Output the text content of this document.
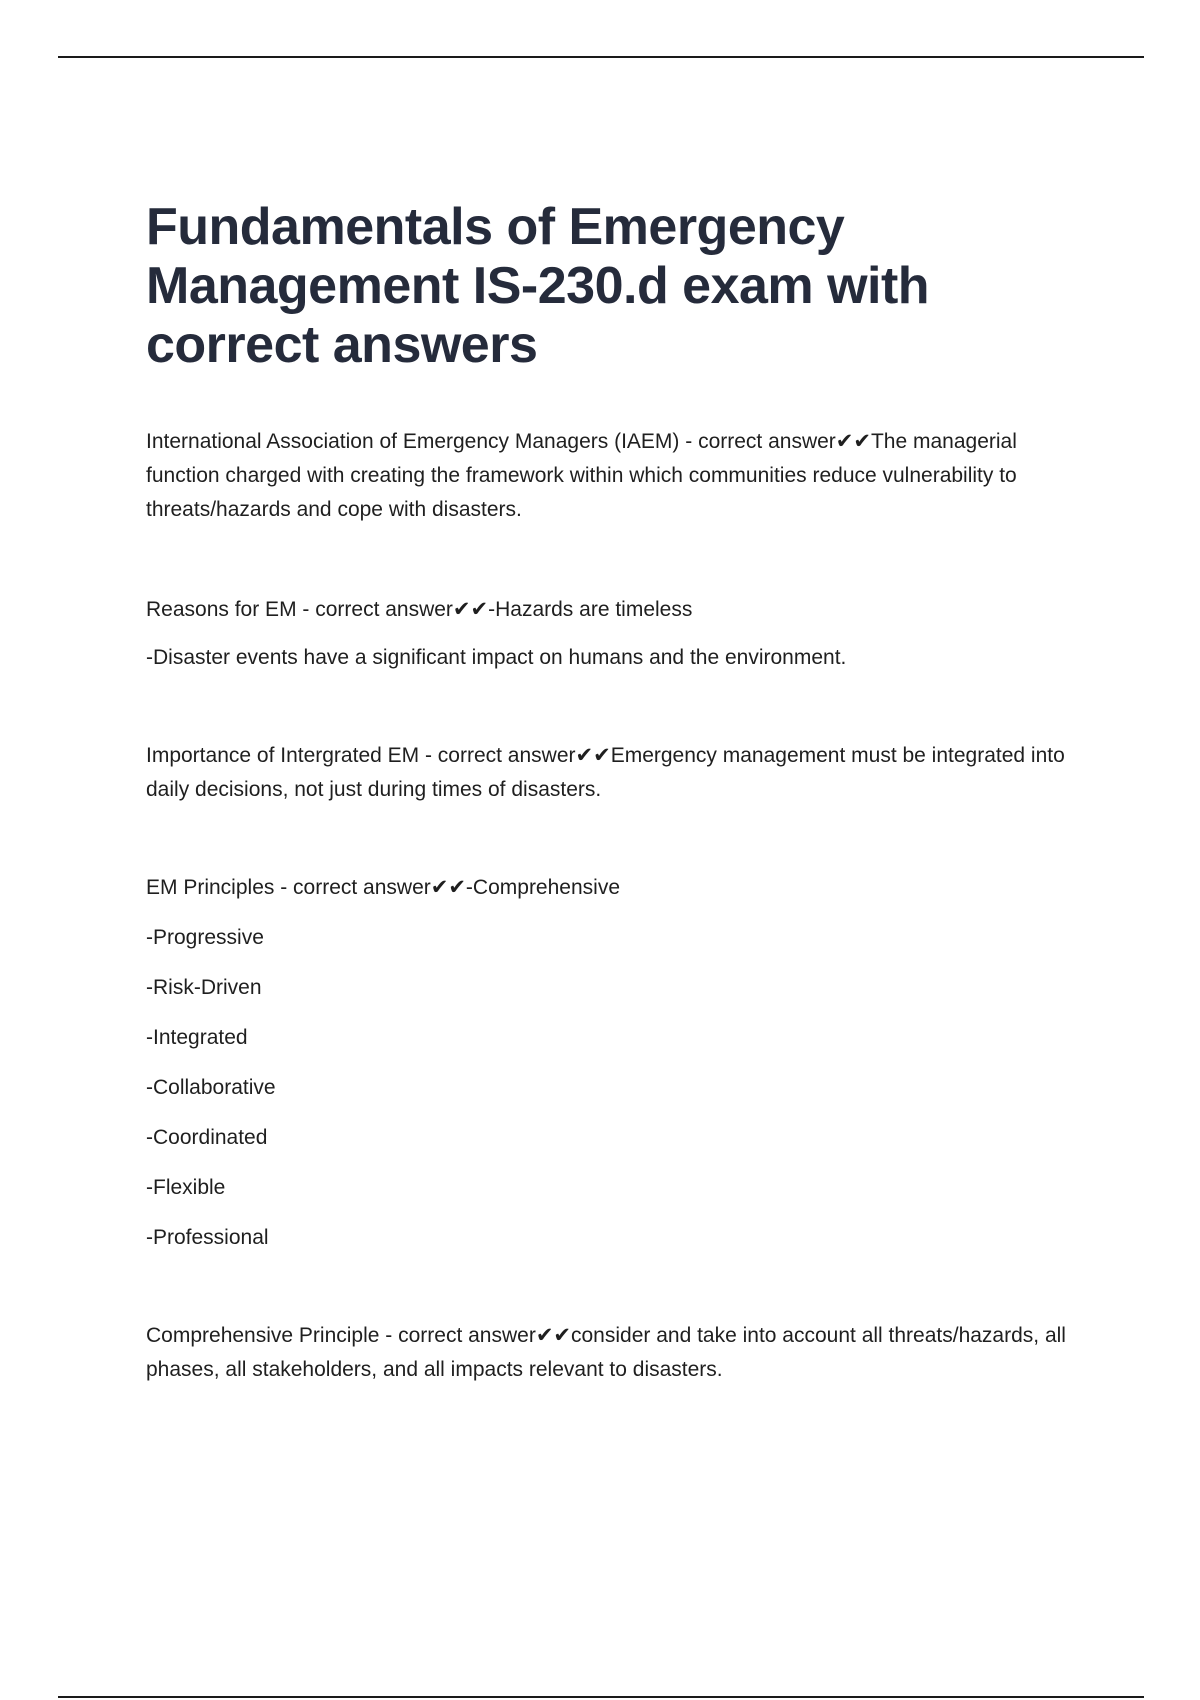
Fundamentals of Emergency Management IS-230.d exam with correct answers

International Association of Emergency Managers (IAEM) - correct answer✔✔The managerial function charged with creating the framework within which communities reduce vulnerability to threats/hazards and cope with disasters.

Reasons for EM - correct answer✔✔-Hazards are timeless

-Disaster events have a significant impact on humans and the environment.

Importance of Intergrated EM - correct answer✔✔Emergency management must be integrated into daily decisions, not just during times of disasters.

EM Principles - correct answer✔✔-Comprehensive

-Progressive

-Risk-Driven

-Integrated

-Collaborative

-Coordinated

-Flexible

-Professional

Comprehensive Principle - correct answer✔✔consider and take into account all threats/hazards, all phases, all stakeholders, and all impacts relevant to disasters.
